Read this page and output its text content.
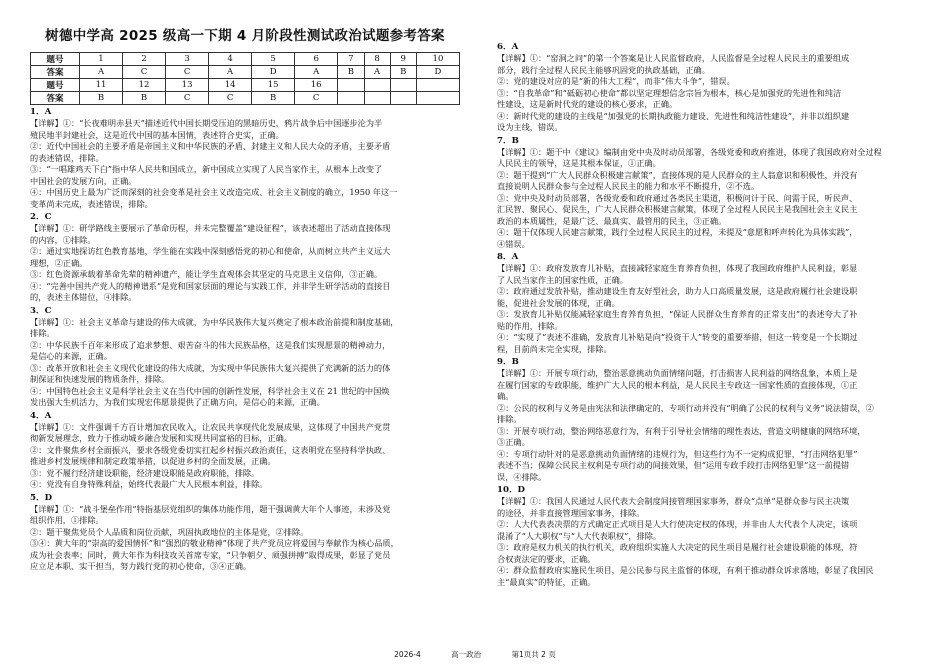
树德中学高 2025 级高一下期 4 月阶段性测试政治试题参考答案
题号	1	2	3	4	5	6	7	8	9	10
答案	A	C	C	A	D	A	B	A	B	D
题号	11	12	13	14	15	16				
答案	B	B	C	C	B	C				
1．A

【详解】①：“长夜难明赤县天”描述近代中国长期受压迫的黑暗历史，鸦片战争后中国逐步沦为半

殖民地半封建社会，这是近代中国的基本国情，表述符合史实，正确。

②：近代中国社会的主要矛盾是帝国主义和中华民族的矛盾、封建主义和人民大众的矛盾，主要矛盾

的表述错误，排除。

③：“一唱雄鸡天下白”指中华人民共和国成立，新中国成立实现了人民当家作主，从根本上改变了

中国社会的发展方向，正确。

④：中国历史上最为广泛而深刻的社会变革是社会主义改造完成、社会主义制度的确立，1950 年这一

变革尚未完成，表述错误，排除。

2．C

【详解】①：研学路线主要展示了革命历程，并未完整覆盖“建设征程”，该表述超出了活动直接体现

的内容，①排除。

②：通过实地探访红色教育基地，学生能在实践中深刻感悟党的初心和使命，从而树立共产主义远大

理想，②正确。

③：红色资源承载着革命先辈的精神遗产，能让学生直观体会其坚定的马克思主义信仰，③正确。

④：“完善中国共产党人的精神谱系”是党和国家层面的理论与实践工作，并非学生研学活动的直接目

的，表述主体错位，④排除。

3．C

【详解】①：社会主义革命与建设的伟大成就，为中华民族伟大复兴奠定了根本政治前提和制度基础，

排除。

②：中华民族千百年来形成了追求梦想、艰苦奋斗的伟大民族品格，这是我们实现愿景的精神动力，

是信心的来源，正确。

③：改革开放和社会主义现代化建设的伟大成就，为实现中华民族伟大复兴提供了充满新的活力的体

制保证和快速发展的物质条件，排除。

④：中国特色社会主义是科学社会主义在当代中国的创新性发展，科学社会主义在 21 世纪的中国焕

发出强大生机活力，为我们实现宏伟愿景提供了正确方向，是信心的来源，正确。

4．A

【详解】①：文件强调千方百计增加农民收入，让农民共享现代化发展成果，这体现了中国共产党贯

彻新发展理念，致力于推动城乡融合发展和实现共同富裕的目标，正确。

②：文件聚焦乡村全面振兴，要求各级党委切实扛起乡村振兴政治责任，这表明党在坚持科学执政、

推进乡村发展规律和制定政策举措，以促进乡村的全面发展，正确。

③：党不履行经济建设职能，经济建设职能是政府职能，排除。

④：党没有自身特殊利益，始终代表最广大人民根本利益，排除。

5．D

【详解】①：“战斗堡垒作用”特指基层党组织的集体功能作用，题干强调黄大年个人事迹，未涉及党

组织作用，①排除。

②：题干聚焦党员个人品质和岗位贡献，巩固执政地位的主体是党，②排除。

③④：黄大年的“崇高的爱国情怀”和“强烈的敬业精神”体现了共产党员应将爱国与奉献作为核心品质，

成为社会表率；同时，黄大年作为科技攻关首席专家，“只争朝夕、顽强拼搏”取得成果，彰显了党员

应立足本职、实干担当，努力践行党的初心使命，③④正确。

6．A

【详解】①：“窑洞之问”的第一个答案是让人民监督政府，人民监督是全过程人民民主的重要组成

部分，践行全过程人民民主能够巩固党的执政基础，正确。

②：党的建设对应的是“新的伟大工程”，而非“伟大斗争”，错误。

③：“自我革命”和“砥砺初心使命”都以坚定理想信念宗旨为根本，核心是加强党的先进性和纯洁

性建设，这是新时代党的建设的核心要求，正确。

④：新时代党的建设的主线是“加强党的长期执政能力建设、先进性和纯洁性建设”，并非以组织建

设为主线，错误。

7．B

【详解】①：题干中《建议》编制由党中央及时动员部署，各级党委和政府推进，体现了我国政府对全过程

人民民主的领导，这是其根本保证，①正确。

②：题干提到“广大人民群众积极建言献策”，直接体现的是人民群众的主人翁意识和积极性，并没有

直接说明人民群众参与全过程人民民主的能力和水平不断提升，②不选。

③：党中央及时动员部署，各级党委和政府通过各类民主渠道，积极问计于民、问需于民，听民声、

汇民智、聚民心、促民生，广大人民群众积极建言献策，体现了全过程人民民主是我国社会主义民主

政治的本质属性，是最广泛、最真实、最管用的民主，③正确。

④：题干仅体现人民建言献策，践行全过程人民民主的过程，未提及“意愿和呼声转化为具体实践”，

④错误。

8．A

【详解】①：政府发放育儿补贴，直接减轻家庭生育养育负担，体现了我国政府维护人民利益，彰显

了人民当家作主的国家性质，正确。

②：政府通过发放补贴，推动建设生育友好型社会，助力人口高质量发展，这是政府履行社会建设职

能，促进社会发展的体现，正确。

③：发放育儿补贴仅能减轻家庭生育养育负担，“保证人民群众生育养育的正常支出”的表述夸大了补

贴的作用，排除。

④：“实现了”表述不准确，发放育儿补贴是向“投资于人”转变的重要举措，但这一转变是一个长期过

程，目前尚未完全实现，排除。

9．B

【详解】①：开展专项行动，整治恶意挑动负面情绪问题，打击损害人民利益的网络乱象，本质上是

在履行国家的专政职能，维护广大人民的根本利益，是人民民主专政这一国家性质的直接体现，①正

确。

②：公民的权利与义务是由宪法和法律确定的，专项行动并没有“明确了公民的权利与义务”说法错误，②

排除。

③：开展专项行动，整治网络恶意行为，有利于引导社会情绪的理性表达，营造文明健康的网络环境，

③正确。

④：专项行动针对的是恶意挑动负面情绪的违规行为，但这些行为不一定构成犯罪，“打击网络犯罪”

表述不当；保障公民民主权利是专项行动的间接效果，但“运用专政手段打击网络犯罪”这一前提错

误，④排除。

10．D

【详解】①：我国人民通过人民代表大会制度间接管理国家事务，群众“点单”是群众参与民主决策

的途径，并非直接管理国家事务，排除。

②：人大代表表决票的方式确定正式项目是人大行使决定权的体现，并非由人大代表个人决定，该项

混淆了“人大职权”与“人大代表职权”，排除。

③：政府是权力机关的执行机关，政府组织实施人大决定的民生项目是履行社会建设职能的体现，符

合权责法定的要求，正确。

④：群众监督政府实施民生项目，是公民参与民主监督的体现，有利于推动群众诉求落地，彰显了我国民

主“最真实”的特征，正确。

2026-4	高一政治	第1页共 2 页
